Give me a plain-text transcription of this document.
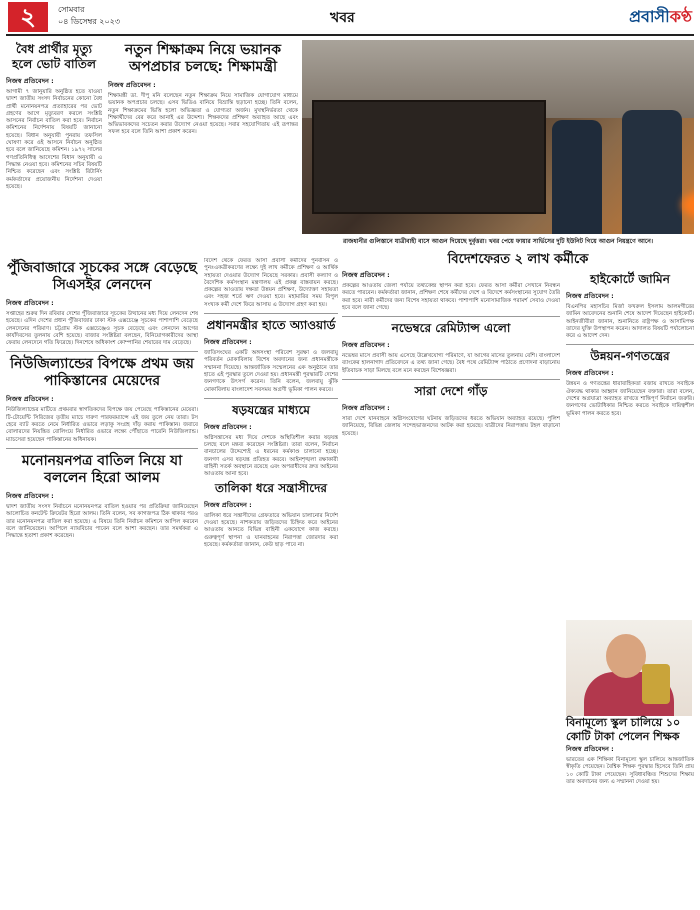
২	সোমবার
০৪ ডিসেম্বর ২০২৩	খবর	প্রবাসীকণ্ঠ
বৈধ প্রার্থীর মৃত্যু হলে ভোট বাতিল
নিজস্ব প্রতিবেদন :
আগামী ৭ জানুয়ারি অনুষ্ঠিত হতে যাওয়া দ্বাদশ জাতীয় সংসদ নির্বাচনের কোনো বৈধ প্রার্থী মনোনয়নপত্র প্রত্যাহারের পর ভোট গ্রহণের আগে মৃত্যুবরণ করলে সংশ্লিষ্ট আসনের নির্বাচন বাতিল করা হবে। নির্বাচন কমিশনের নির্দেশনায় বিষয়টি জানানো হয়েছে। বিধান অনুযায়ী পুনরায় তফসিল ঘোষণা করে ওই আসনে নির্বাচন অনুষ্ঠিত হবে বলে জানিয়েছে কমিশন। ১৯৭২ সালের গণপ্রতিনিধিত্ব আদেশের বিধান অনুযায়ী এ সিদ্ধান্ত নেওয়া হবে। কমিশনের সচিব বিষয়টি নিশ্চিত করেছেন এবং সংশ্লিষ্ট রিটার্নিং কর্মকর্তাদের প্রয়োজনীয় নির্দেশনা দেওয়া হয়েছে।
নতুন শিক্ষাক্রম নিয়ে ভয়ানক অপপ্রচার চলছে: শিক্ষামন্ত্রী
নিজস্ব প্রতিবেদন :
শিক্ষামন্ত্রী ডা. দীপু মনি বলেছেন নতুন শিক্ষাক্রম নিয়ে সামাজিক যোগাযোগ মাধ্যমে ভয়ানক অপপ্রচার চলছে। এসব ভিডিও বানিয়ে বিভ্রান্তি ছড়ানো হচ্ছে। তিনি বলেন, নতুন শিক্ষাক্রমের ভিত্তি হলো অভিজ্ঞতা ও যোগ্যতা অর্জন। মুখস্থনির্ভরতা থেকে শিক্ষার্থীদের বের করে আনাই এর উদ্দেশ্য। শিক্ষকদের প্রশিক্ষণ অব্যাহত আছে এবং অভিভাবকদের সচেতন করার উদ্যোগ নেওয়া হয়েছে। সবার সহযোগিতায় এই রূপান্তর সফল হবে বলে তিনি আশা প্রকাশ করেন।
রাজধানীর গুলিস্তানে যাত্রীবাহী বাসে আগুন দিয়েছে দুর্বৃত্তরা। খবর পেয়ে ফায়ার সার্ভিসের দুটি ইউনিট গিয়ে আগুন নিয়ন্ত্রণে আনে।
পুঁজিবাজারে সূচকের সঙ্গে বেড়েছে সিএসইর লেনদেন
নিজস্ব প্রতিবেদন :
সপ্তাহের শুরুর দিন রবিবার দেশের পুঁজিবাজারে সূচকের উত্থানের মধ্য দিয়ে লেনদেন শেষ হয়েছে। এদিন দেশের প্রধান পুঁজিবাজার ঢাকা স্টক এক্সচেঞ্জে সূচকের পাশাপাশি বেড়েছে লেনদেনের পরিমাণ। চট্টগ্রাম স্টক এক্সচেঞ্জেও সূচক বেড়েছে এবং লেনদেন আগের কার্যদিবসের তুলনায় বেশি হয়েছে। বাজার সংশ্লিষ্টরা বলছেন, বিনিয়োগকারীদের আস্থা ফেরায় লেনদেনে গতি ফিরেছে। দিনশেষে অধিকাংশ কোম্পানির শেয়ারের দাম বেড়েছে।
নিউজিল্যান্ডের বিপক্ষে প্রথম জয় পাকিস্তানের মেয়েদের
নিজস্ব প্রতিবেদন :
নিউজিল্যান্ডের মাটিতে প্রথমবার স্বাগতিকদের বিপক্ষে জয় পেয়েছে পাকিস্তানের মেয়েরা। টি-টোয়েন্টি সিরিজের তৃতীয় ম্যাচে দারুণ পারফরম্যান্সে এই জয় তুলে নেয় তারা। টস হেরে ব্যাট করতে নেমে নির্ধারিত ওভারে লড়াকু সংগ্রহ দাঁড় করায় পাকিস্তান। জবাবে বোলারদের নিয়ন্ত্রিত বোলিংয়ে নির্ধারিত ওভারে লক্ষ্যে পৌঁছাতে পারেনি নিউজিল্যান্ড। ম্যাচসেরা হয়েছেন পাকিস্তানের অধিনায়ক।
মনোনয়নপত্র বাতিল নিয়ে যা বললেন হিরো আলম
নিজস্ব প্রতিবেদন :
দ্বাদশ জাতীয় সংসদ নির্বাচনে মনোনয়নপত্র বাতিল হওয়ার পর প্রতিক্রিয়া জানিয়েছেন আলোচিত কনটেন্ট ক্রিয়েটর হিরো আলম। তিনি বলেন, সব কাগজপত্র ঠিক থাকার পরও তার মনোনয়নপত্র বাতিল করা হয়েছে। এ বিষয়ে তিনি নির্বাচন কমিশনে আপিল করবেন বলে জানিয়েছেন। আপিলে ন্যায়বিচার পাবেন বলে আশা করছেন। তার সমর্থকরা এ সিদ্ধান্তে হতাশা প্রকাশ করেছেন।
বিদেশ থেকে ফেরত আসা প্রবাসী কর্মীদের পুনর্বাসন ও পুনঃএকত্রীকরণের লক্ষ্যে দুই লাখ কর্মীকে প্রশিক্ষণ ও আর্থিক সহায়তা দেওয়ার উদ্যোগ নিয়েছে সরকার। প্রবাসী কল্যাণ ও বৈদেশিক কর্মসংস্থান মন্ত্রণালয় এই প্রকল্প বাস্তবায়ন করছে। প্রকল্পের আওতায় দক্ষতা উন্নয়ন প্রশিক্ষণ, উদ্যোক্তা সহায়তা এবং সহজ শর্তে ঋণ দেওয়া হবে। মহামারির সময় বিপুল সংখ্যক কর্মী দেশে ফিরে আসায় এ উদ্যোগ গ্রহণ করা হয়।
প্রধানমন্ত্রীর হাতে অ্যাওয়ার্ড
নিজস্ব প্রতিবেদন :
জাতিসংঘের একটি অঙ্গসংস্থা পরিবেশ সুরক্ষা ও জলবায়ু পরিবর্তন মোকাবিলায় বিশেষ অবদানের জন্য প্রধানমন্ত্রীকে সম্মাননা দিয়েছে। আন্তর্জাতিক সম্মেলনের এক অনুষ্ঠানে তার হাতে এই পুরস্কার তুলে দেওয়া হয়। প্রধানমন্ত্রী পুরস্কারটি দেশের জনগণকে উৎসর্গ করেন। তিনি বলেন, জলবায়ু ঝুঁকি মোকাবিলায় বাংলাদেশ সবসময় অগ্রণী ভূমিকা পালন করবে।
ষড়যন্ত্রের মাধ্যমে
নিজস্ব প্রতিবেদন :
অগ্নিসন্ত্রাসের মধ্য দিয়ে দেশকে অস্থিতিশীল করার ষড়যন্ত্র চলছে বলে মন্তব্য করেছেন সংশ্লিষ্টরা। তারা বলেন, নির্বাচন বানচালের উদ্দেশ্যেই এ ধরনের কর্মকাণ্ড চালানো হচ্ছে। জনগণ এসব ষড়যন্ত্র প্রতিহত করবে। আইনশৃঙ্খলা রক্ষাকারী বাহিনী সতর্ক অবস্থানে রয়েছে এবং অপরাধীদের দ্রুত আইনের আওতায় আনা হবে।
তালিকা ধরে সন্ত্রাসীদের
নিজস্ব প্রতিবেদন :
তালিকা ধরে সন্ত্রাসীদের গ্রেফতারে অভিযান চালানোর নির্দেশ দেওয়া হয়েছে। নাশকতায় জড়িতদের চিহ্নিত করে আইনের আওতায় আনতে বিভিন্ন বাহিনী একযোগে কাজ করছে। গুরুত্বপূর্ণ স্থাপনা ও যানবাহনের নিরাপত্তা জোরদার করা হয়েছে। কর্মকর্তারা জানান, কেউ ছাড় পাবে না।
বিদেশফেরত ২ লাখ কর্মীকে
নিজস্ব প্রতিবেদন :
প্রকল্পের আওতায় জেলা পর্যায়ে তথ্যকেন্দ্র স্থাপন করা হবে। ফেরত আসা কর্মীরা সেখানে নিবন্ধন করতে পারবেন। কর্মকর্তারা জানান, প্রশিক্ষণ শেষে কর্মীদের দেশে ও বিদেশে কর্মসংস্থানের সুযোগ তৈরি করা হবে। নারী কর্মীদের জন্য বিশেষ সহায়তা থাকবে। পাশাপাশি মনোসামাজিক পরামর্শ সেবাও দেওয়া হবে বলে জানা গেছে।
নভেম্বরে রেমিট্যান্স এলো
নিজস্ব প্রতিবেদন :
নভেম্বর মাসে প্রবাসী আয় এসেছে উল্লেখযোগ্য পরিমাণে, যা আগের মাসের তুলনায় বেশি। বাংলাদেশ ব্যাংকের হালনাগাদ প্রতিবেদনে এ তথ্য জানা গেছে। বৈধ পথে রেমিট্যান্স পাঠাতে প্রণোদনা বাড়ানোয় ইতিবাচক সাড়া মিলছে বলে মনে করছেন বিশেষজ্ঞরা।
সারা দেশে গাঁড়
নিজস্ব প্রতিবেদন :
সারা দেশে যানবাহনে অগ্নিসংযোগের ঘটনায় জড়িতদের ধরতে অভিযান অব্যাহত রয়েছে। পুলিশ জানিয়েছে, বিভিন্ন জেলায় সন্দেহভাজনদের আটক করা হয়েছে। যাত্রীদের নিরাপত্তায় টহল বাড়ানো হয়েছে।
হাইকোর্টে জামিন
নিজস্ব প্রতিবেদন :
বিএনপির মহাসচিব মির্জা ফখরুল ইসলাম আলমগীরের জামিন আবেদনের শুনানি শেষে আদেশ দিয়েছেন হাইকোর্ট। আইনজীবীরা জানান, শুনানিতে রাষ্ট্রপক্ষ ও আসামিপক্ষ তাদের যুক্তি উপস্থাপন করেন। আদালত বিষয়টি পর্যালোচনা করে এ আদেশ দেন।
উন্নয়ন-গণতন্ত্রের
নিজস্ব প্রতিবেদন :
উন্নয়ন ও গণতন্ত্রের ধারাবাহিকতা বজায় রাখতে সবাইকে ঐক্যবদ্ধ থাকার আহ্বান জানিয়েছেন বক্তারা। তারা বলেন, দেশের অগ্রযাত্রা অব্যাহত রাখতে শান্তিপূর্ণ নির্বাচন জরুরি। জনগণের ভোটাধিকার নিশ্চিত করতে সবাইকে দায়িত্বশীল ভূমিকা পালন করতে হবে।
বিনামূল্যে স্কুল চালিয়ে ১০ কোটি টাকা পেলেন শিক্ষক
নিজস্ব প্রতিবেদন :
ভারতের এক শিক্ষিকা বিনামূল্যে স্কুল চালিয়ে আন্তর্জাতিক স্বীকৃতি পেয়েছেন। বৈশ্বিক শিক্ষক পুরস্কার হিসেবে তিনি প্রায় ১০ কোটি টাকা পেয়েছেন। সুবিধাবঞ্চিত শিশুদের শিক্ষায় তার অবদানের জন্য এ সম্মাননা দেওয়া হয়।
